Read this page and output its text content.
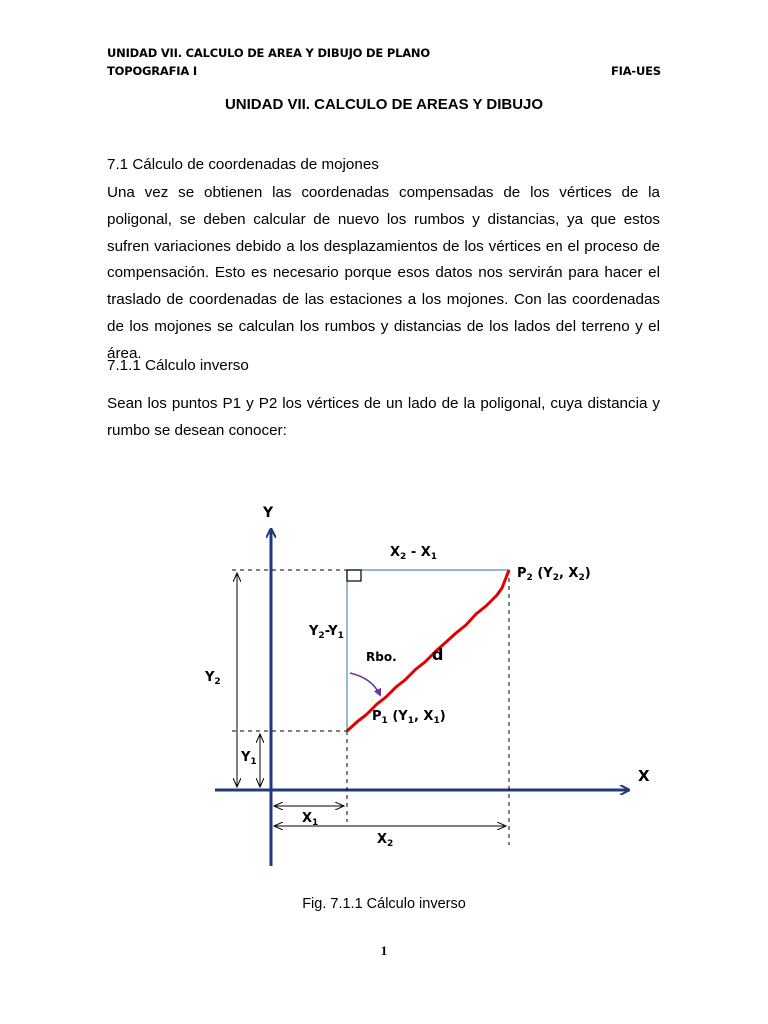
UNIDAD VII. CALCULO DE AREA Y DIBUJO DE PLANO
TOPOGRAFIA I	FIA-UES
UNIDAD VII. CALCULO DE AREAS Y DIBUJO
7.1 Cálculo de coordenadas de mojones
Una vez se obtienen las coordenadas compensadas de los vértices de la poligonal, se deben calcular de nuevo los rumbos y distancias, ya que estos sufren variaciones debido a los desplazamientos de los vértices en el proceso de compensación. Esto es necesario porque esos datos nos servirán para hacer el traslado de coordenadas de las estaciones a los mojones. Con las coordenadas de los mojones se calculan los rumbos y distancias de los lados del terreno y el área.
7.1.1 Cálculo inverso
Sean los puntos P1 y P2 los vértices de un lado de la poligonal, cuya distancia y rumbo se desean conocer:
Y
X
$X_2 - X_1$
$Y_2-Y_1$
$P_2$ ($Y_2$, $X_2$)
$P_1$ ($Y_1$, $X_1$)
Rbo. d
$Y_2$
$Y_1$
$X_1$
$X_2$
Fig. 7.1.1 Cálculo inverso
1
